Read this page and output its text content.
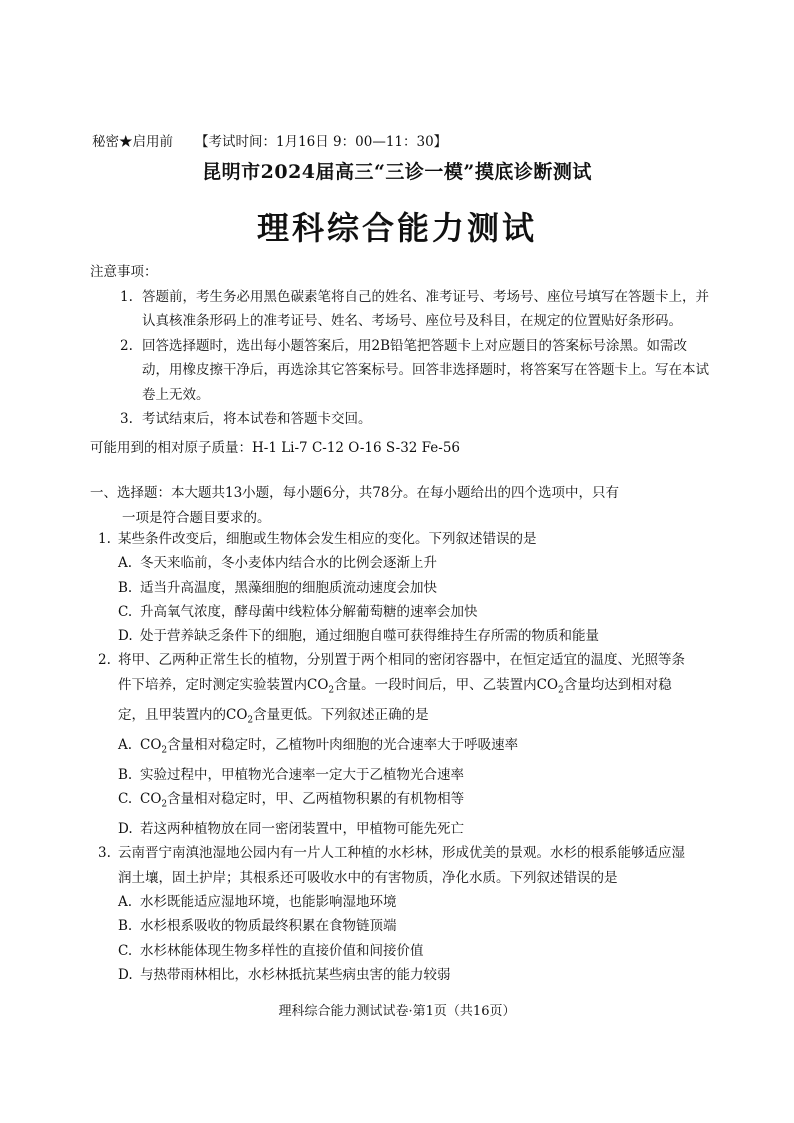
秘密★启用前 【考试时间：1月16日 9：00—11：30】
昆明市2024届高三“三诊一模”摸底诊断测试
理科综合能力测试

注意事项：

1. 答题前，考生务必用黑色碳素笔将自己的姓名、准考证号、考场号、座位号填写在答题卡上，并认真核准条形码上的准考证号、姓名、考场号、座位号及科目，在规定的位置贴好条形码。
2. 回答选择题时，选出每小题答案后，用2B铅笔把答题卡上对应题目的答案标号涂黑。如需改动，用橡皮擦干净后，再选涂其它答案标号。回答非选择题时，将答案写在答题卡上。写在本试卷上无效。
3. 考试结束后，将本试卷和答题卡交回。
可能用到的相对原子质量：H-1 Li-7 C-12 O-16 S-32 Fe-56
一、选择题：本大题共13小题，每小题6分，共78分。在每小题给出的四个选项中，只有
一项是符合题目要求的。
1. 某些条件改变后，细胞或生物体会发生相应的变化。下列叙述错误的是
A. 冬天来临前，冬小麦体内结合水的比例会逐渐上升
B. 适当升高温度，黑藻细胞的细胞质流动速度会加快
C. 升高氧气浓度，酵母菌中线粒体分解葡萄糖的速率会加快
D. 处于营养缺乏条件下的细胞，通过细胞自噬可获得维持生存所需的物质和能量
2. 将甲、乙两种正常生长的植物，分别置于两个相同的密闭容器中，在恒定适宜的温度、光照等条件下培养，定时测定实验装置内$CO_2$含量。一段时间后，甲、乙装置内$CO_2$含量均达到相对稳定，且甲装置内的$CO_2$含量更低。下列叙述正确的是
A. $CO_2$含量相对稳定时，乙植物叶肉细胞的光合速率大于呼吸速率
B. 实验过程中，甲植物光合速率一定大于乙植物光合速率
C. $CO_2$含量相对稳定时，甲、乙两植物积累的有机物相等
D. 若这两种植物放在同一密闭装置中，甲植物可能先死亡
3. 云南晋宁南滇池湿地公园内有一片人工种植的水杉林，形成优美的景观。水杉的根系能够适应湿润土壤，固土护岸；其根系还可吸收水中的有害物质，净化水质。下列叙述错误的是
A. 水杉既能适应湿地环境，也能影响湿地环境
B. 水杉根系吸收的物质最终积累在食物链顶端
C. 水杉林能体现生物多样性的直接价值和间接价值
D. 与热带雨林相比，水杉林抵抗某些病虫害的能力较弱
理科综合能力测试试卷·第1页（共16页）
